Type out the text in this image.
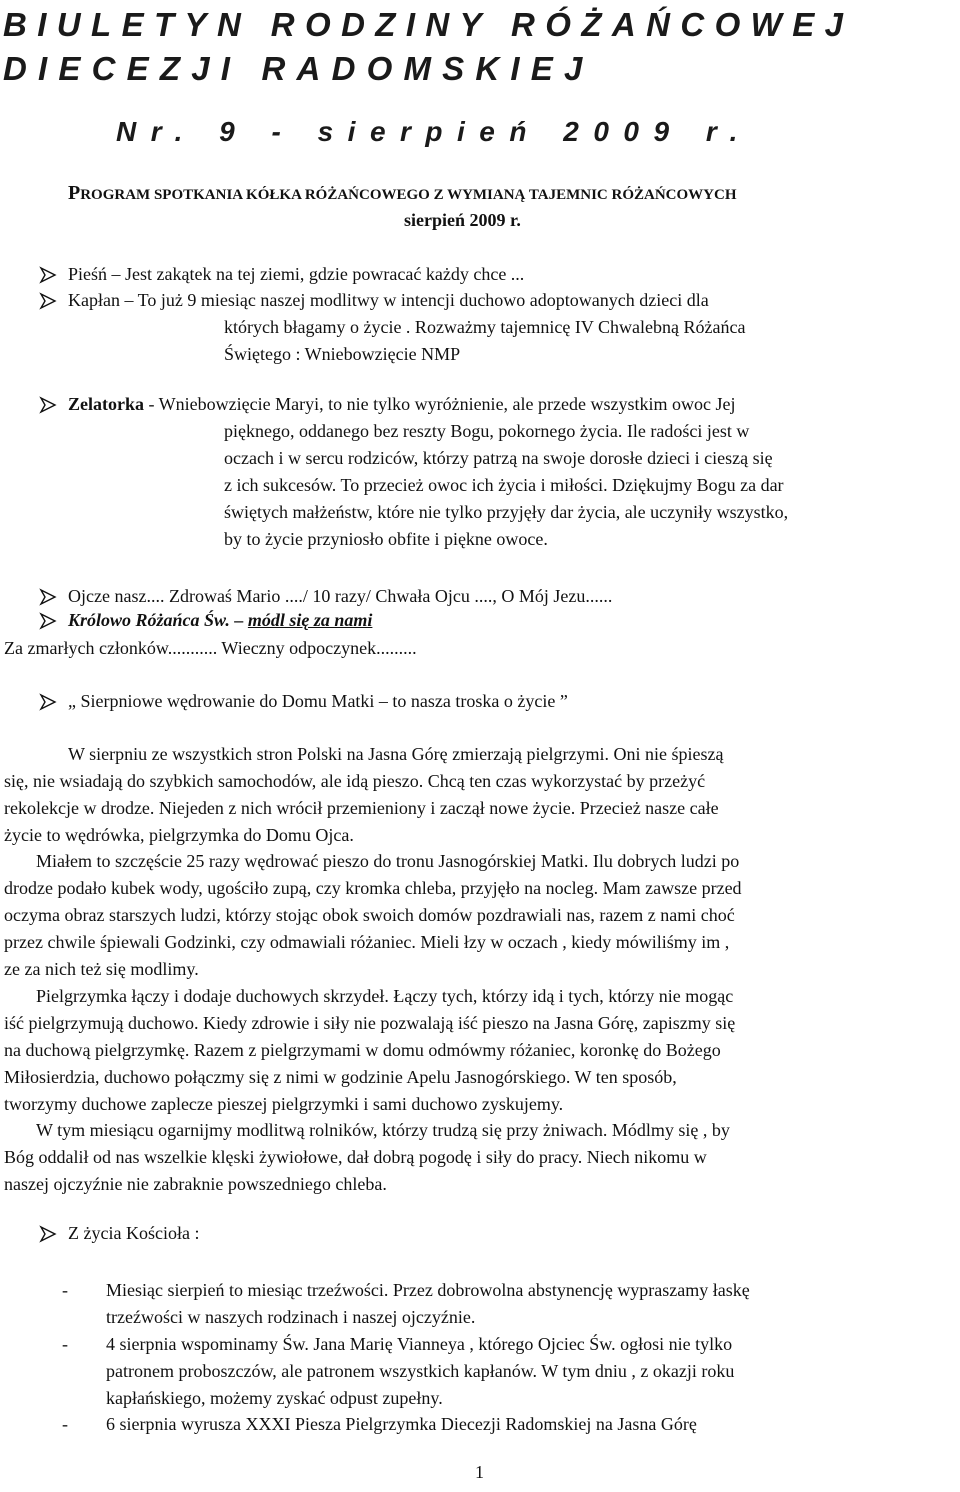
BIULETYN RODZINY RÓŻAŃCOWEJ
DIECEZJI RADOMSKIEJ
Nr. 9 - sierpień 2009 r.
PROGRAM SPOTKANIA KÓŁKA RÓŻAŃCOWEGO Z WYMIANĄ TAJEMNIC RÓŻAŃCOWYCH
sierpień 2009 r.
Pieśń – Jest zakątek na tej ziemi, gdzie powracać każdy chce ...
Kapłan – To już 9 miesiąc naszej modlitwy w intencji duchowo adoptowanych dzieci dla
których błagamy o życie . Rozważmy tajemnicę IV Chwalebną Różańca
Świętego : Wniebowzięcie NMP
Zelatorka - Wniebowzięcie Maryi, to nie tylko wyróżnienie, ale przede wszystkim owoc Jej
pięknego, oddanego bez reszty Bogu, pokornego życia. Ile radości jest w
oczach i w sercu rodziców, którzy patrzą na swoje dorosłe dzieci i cieszą się
z ich sukcesów. To przecież owoc ich życia i miłości. Dziękujmy Bogu za dar
świętych małżeństw, które nie tylko przyjęły dar życia, ale uczyniły wszystko,
by to życie przyniosło obfite i piękne owoce.
Ojcze nasz.... Zdrowaś Mario ..../ 10 razy/ Chwała Ojcu ...., O Mój Jezu......
Królowo Różańca Św. – módl się za nami
Za zmarłych członków........... Wieczny odpoczynek.........
„ Sierpniowe wędrowanie do Domu Matki – to nasza troska o życie ”
W sierpniu ze wszystkich stron Polski na Jasna Górę zmierzają pielgrzymi. Oni nie śpieszą
się, nie wsiadają do szybkich samochodów, ale idą pieszo. Chcą ten czas wykorzystać by przeżyć
rekolekcje w drodze. Niejeden z nich wrócił przemieniony i zaczął nowe życie. Przecież nasze całe
życie to wędrówka, pielgrzymka do Domu Ojca.
Miałem to szczęście 25 razy wędrować pieszo do tronu Jasnogórskiej Matki. Ilu dobrych ludzi po
drodze podało kubek wody, ugościło zupą, czy kromka chleba, przyjęło na nocleg. Mam zawsze przed
oczyma obraz starszych ludzi, którzy stojąc obok swoich domów pozdrawiali nas, razem z nami choć
przez chwile śpiewali Godzinki, czy odmawiali różaniec. Mieli łzy w oczach , kiedy mówiliśmy im ,
ze za nich też się modlimy.
Pielgrzymka łączy i dodaje duchowych skrzydeł. Łączy tych, którzy idą i tych, którzy nie mogąc
iść pielgrzymują duchowo. Kiedy zdrowie i siły nie pozwalają iść pieszo na Jasna Górę, zapiszmy się
na duchową pielgrzymkę. Razem z pielgrzymami w domu odmówmy różaniec, koronkę do Bożego
Miłosierdzia, duchowo połączmy się z nimi w godzinie Apelu Jasnogórskiego. W ten sposób,
tworzymy duchowe zaplecze pieszej pielgrzymki i sami duchowo zyskujemy.
W tym miesiącu ogarnijmy modlitwą rolników, którzy trudzą się przy żniwach. Módlmy się , by
Bóg oddalił od nas wszelkie klęski żywiołowe, dał dobrą pogodę i siły do pracy. Niech nikomu w
naszej ojczyźnie nie zabraknie powszedniego chleba.
Z życia Kościoła :
- Miesiąc sierpień to miesiąc trzeźwości. Przez dobrowolna abstynencję wypraszamy łaskę
trzeźwości w naszych rodzinach i naszej ojczyźnie.
- 4 sierpnia wspominamy Św. Jana Marię Vianneya , którego Ojciec Św. ogłosi nie tylko
patronem proboszczów, ale patronem wszystkich kapłanów. W tym dniu , z okazji roku
kapłańskiego, możemy zyskać odpust zupełny.
- 6 sierpnia wyrusza XXXI Piesza Pielgrzymka Diecezji Radomskiej na Jasna Górę
1
